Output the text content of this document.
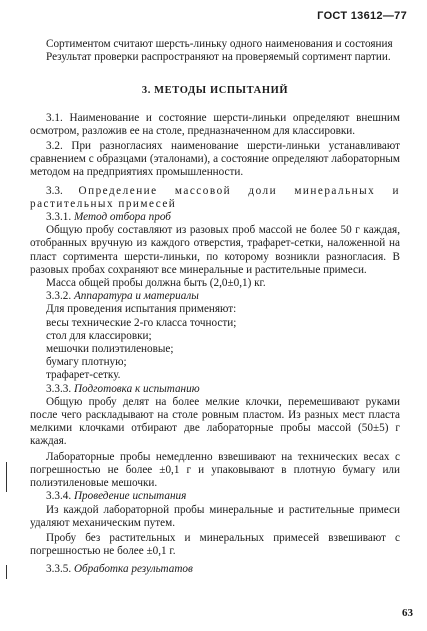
ГОСТ 13612—77

Сортиментом считают шерсть-линьку одного наименования и состояния

Результат проверки распространяют на проверяемый сортимент партии.

3. МЕТОДЫ ИСПЫТАНИЙ

3.1. Наименование и состояние шерсти-линьки определяют внешним осмотром, разложив ее на столе, предназначенном для классировки.

3.2. При разногласиях наименование шерсти-линьки устанавливают сравнением с образцами (эталонами), а состояние определяют лабораторным методом на предприятиях промышленности.

3.3. Определение массовой доли минеральных и растительных примесей

3.3.1. Метод отбора проб

Общую пробу составляют из разовых проб массой не более 50 г каждая, отобранных вручную из каждого отверстия, трафарет-сетки, наложенной на пласт сортимента шерсти-линьки, по которому возникли разногласия. В разовых пробах сохраняют все минеральные и растительные примеси.

Масса общей пробы должна быть (2,0±0,1) кг.

3.3.2. Аппаратура и материалы

Для проведения испытания применяют:

весы технические 2-го класса точности;
стол для классировки;
мешочки полиэтиленовые;
бумагу плотную;
трафарет-сетку.

3.3.3. Подготовка к испытанию

Общую пробу делят на более мелкие клочки, перемешивают руками после чего раскладывают на столе ровным пластом. Из разных мест пласта мелкими клочками отбирают две лабораторные пробы массой (50±5) г каждая.

Лабораторные пробы немедленно взвешивают на технических весах с погрешностью не более ±0,1 г и упаковывают в плотную бумагу или полиэтиленовые мешочки.

3.3.4. Проведение испытания

Из каждой лабораторной пробы минеральные и растительные примеси удаляют механическим путем.

Пробу без растительных и минеральных примесей взвешивают с погрешностью не более ±0,1 г.

3.3.5. Обработка результатов

63
